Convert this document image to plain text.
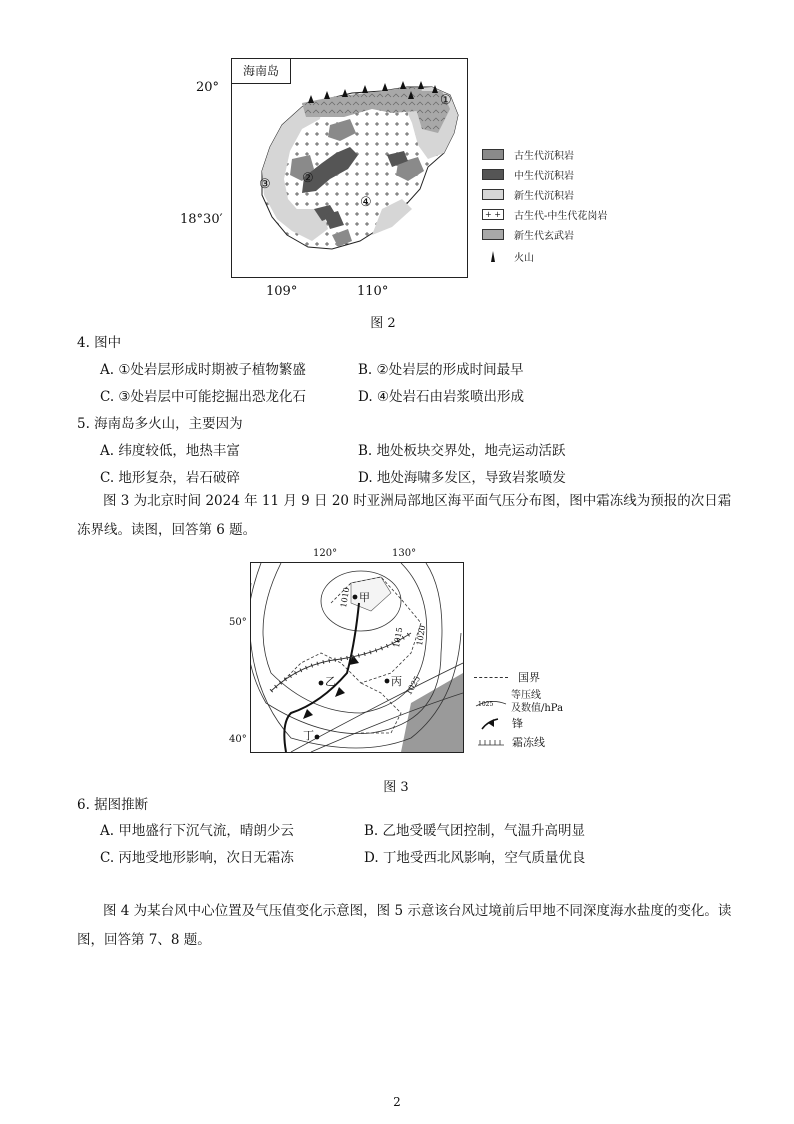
海南岛
①
②
③
④
20°
18°30′
109°	110°
古生代沉积岩
中生代沉积岩
新生代沉积岩
+ +	古生代-中生代花岗岩
新生代玄武岩
火山
图 2
4. 图中
A. ①处岩层形成时期被子植物繁盛	B. ②处岩层的形成时间最早
C. ③处岩层中可能挖掘出恐龙化石	D. ④处岩石由岩浆喷出形成
5. 海南岛多火山，主要因为
A. 纬度较低，地热丰富	B. 地处板块交界处，地壳运动活跃
C. 地形复杂，岩石破碎	D. 地处海啸多发区，导致岩浆喷发
图 3 为北京时间 2024 年 11 月 9 日 20 时亚洲局部地区海平面气压分布图，图中霜冻线为预报的次日霜冻界线。读图，回答第 6 题。
120°	130°
50°
40°
1010
1015 1020
1025
甲
乙	丙
丁
国界
1025
等压线
及数值/hPa
锋
霜冻线
图 3
6. 据图推断
A. 甲地盛行下沉气流，晴朗少云	B. 乙地受暖气团控制，气温升高明显
C. 丙地受地形影响，次日无霜冻	D. 丁地受西北风影响，空气质量优良
图 4 为某台风中心位置及气压值变化示意图，图 5 示意该台风过境前后甲地不同深度海水盐度的变化。读图，回答第 7、8 题。
2
